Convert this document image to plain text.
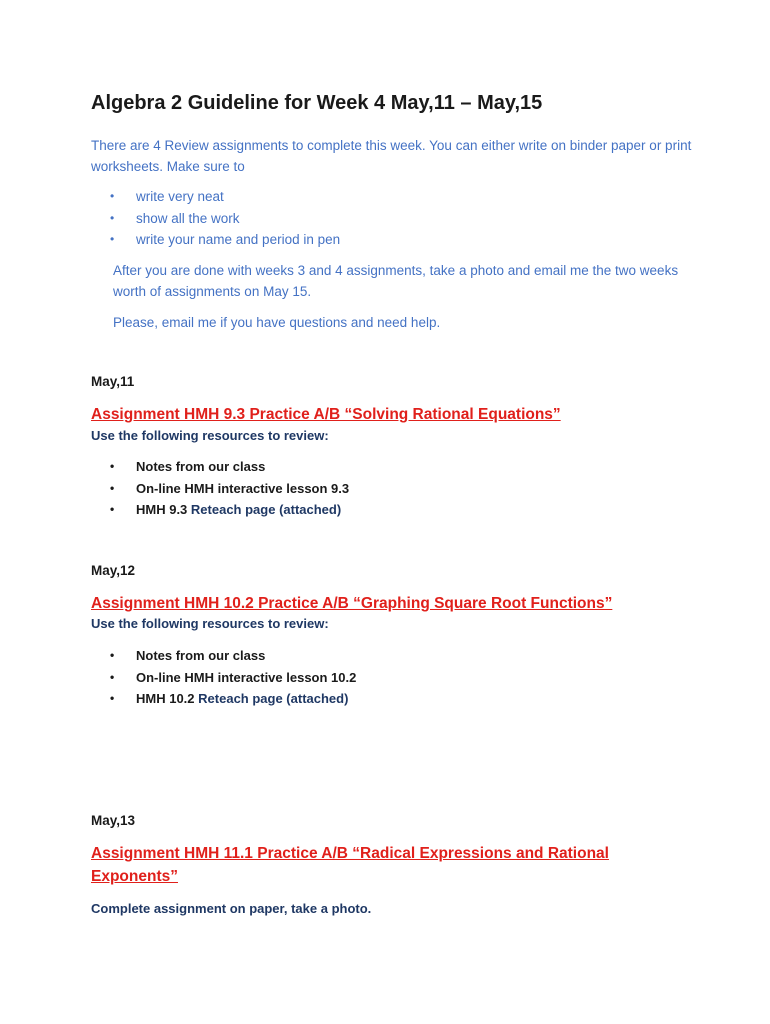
Algebra 2 Guideline for Week 4 May,11 – May,15

There are 4 Review assignments to complete this week. You can either write on binder paper or print worksheets. Make sure to

• write very neat
• show all the work
• write your name and period in pen

After you are done with weeks 3 and 4 assignments, take a photo and email me the two weeks worth of assignments on May 15.

Please, email me if you have questions and need help.

May,11

Assignment HMH 9.3 Practice A/B “Solving Rational Equations”

Use the following resources to review:
• Notes from our class
• On-line HMH interactive lesson 9.3
• HMH 9.3 Reteach page (attached)
May,12

Assignment HMH 10.2 Practice A/B “Graphing Square Root Functions”

Use the following resources to review:
• Notes from our class
• On-line HMH interactive lesson 10.2
• HMH 10.2 Reteach page (attached)
May,13

Assignment HMH 11.1 Practice A/B “Radical Expressions and Rational Exponents”

Complete assignment on paper, take a photo.
